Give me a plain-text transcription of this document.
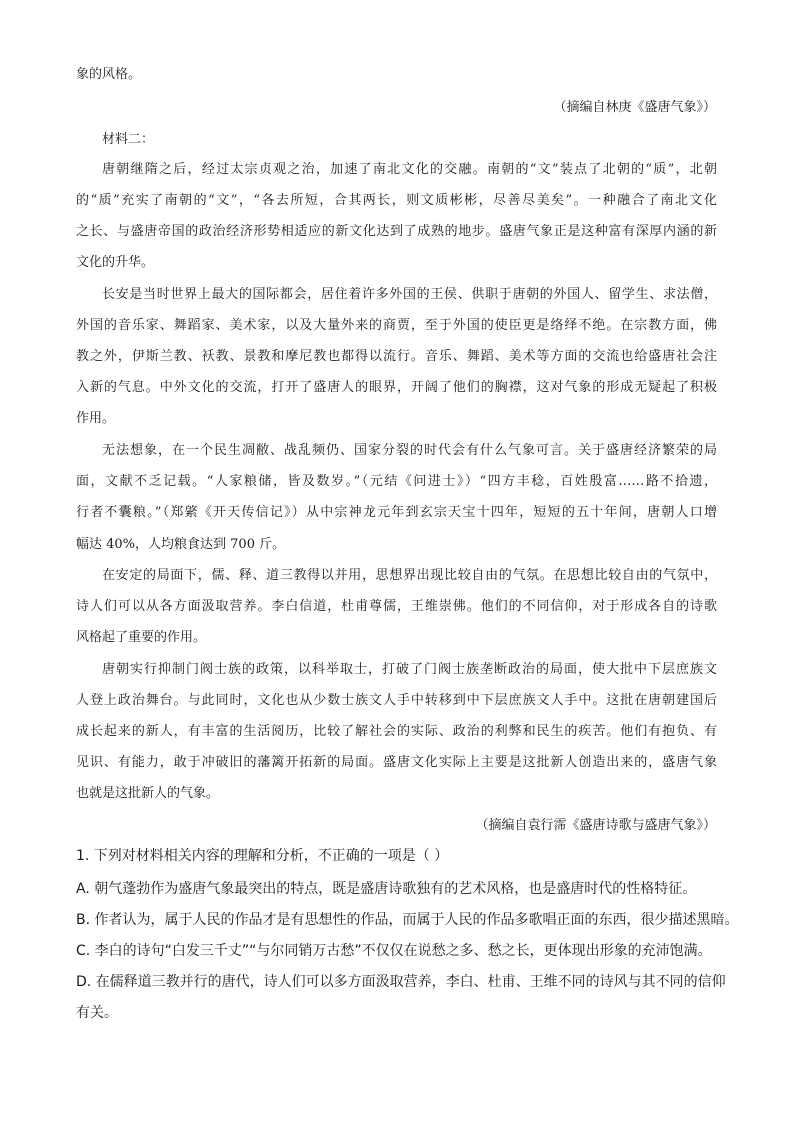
象的风格。
（摘编自林庚《盛唐气象》）
材料二：
唐朝继隋之后，经过太宗贞观之治，加速了南北文化的交融。南朝的“文”装点了北朝的“质”，北朝
的“质”充实了南朝的“文”，“各去所短，合其两长，则文质彬彬，尽善尽美矣”。一种融合了南北文化
之长、与盛唐帝国的政治经济形势相适应的新文化达到了成熟的地步。盛唐气象正是这种富有深厚内涵的新
文化的升华。
长安是当时世界上最大的国际都会，居住着许多外国的王侯、供职于唐朝的外国人、留学生、求法僧，
外国的音乐家、舞蹈家、美术家，以及大量外来的商贾，至于外国的使臣更是络绎不绝。在宗教方面，佛
教之外，伊斯兰教、袄教、景教和摩尼教也都得以流行。音乐、舞蹈、美术等方面的交流也给盛唐社会注
入新的气息。中外文化的交流，打开了盛唐人的眼界，开阔了他们的胸襟，这对气象的形成无疑起了积极
作用。
无法想象，在一个民生凋敝、战乱频仍、国家分裂的时代会有什么气象可言。关于盛唐经济繁荣的局
面，文献不乏记载。“人家粮储，皆及数岁。”（元结《问进士》）“四方丰稔，百姓殷富……路不拾遗，
行者不囊粮。”（郑綮《开天传信记》）从中宗神龙元年到玄宗天宝十四年，短短的五十年间，唐朝人口增
幅达 40%，人均粮食达到 700 斤。
在安定的局面下，儒、释、道三教得以并用，思想界出现比较自由的气氛。在思想比较自由的气氛中，
诗人们可以从各方面汲取营养。李白信道，杜甫尊儒，王维崇佛。他们的不同信仰，对于形成各自的诗歌
风格起了重要的作用。
唐朝实行抑制门阀士族的政策，以科举取士，打破了门阀士族垄断政治的局面，使大批中下层庶族文
人登上政治舞台。与此同时，文化也从少数士族文人手中转移到中下层庶族文人手中。这批在唐朝建国后
成长起来的新人，有丰富的生活阅历，比较了解社会的实际、政治的利弊和民生的疾苦。他们有抱负、有
见识、有能力，敢于冲破旧的藩篱开拓新的局面。盛唐文化实际上主要是这批新人创造出来的，盛唐气象
也就是这批新人的气象。
（摘编自袁行霈《盛唐诗歌与盛唐气象》）
1. 下列对材料相关内容的理解和分析，不正确的一项是（ ）
A. 朝气蓬勃作为盛唐气象最突出的特点，既是盛唐诗歌独有的艺术风格，也是盛唐时代的性格特征。
B. 作者认为，属于人民的作品才是有思想性的作品，而属于人民的作品多歌唱正面的东西，很少描述黑暗。
C. 李白的诗句“白发三千丈”“与尔同销万古愁”不仅仅在说愁之多、愁之长，更体现出形象的充沛饱满。
D. 在儒释道三教并行的唐代，诗人们可以多方面汲取营养，李白、杜甫、王维不同的诗风与其不同的信仰
有关。
